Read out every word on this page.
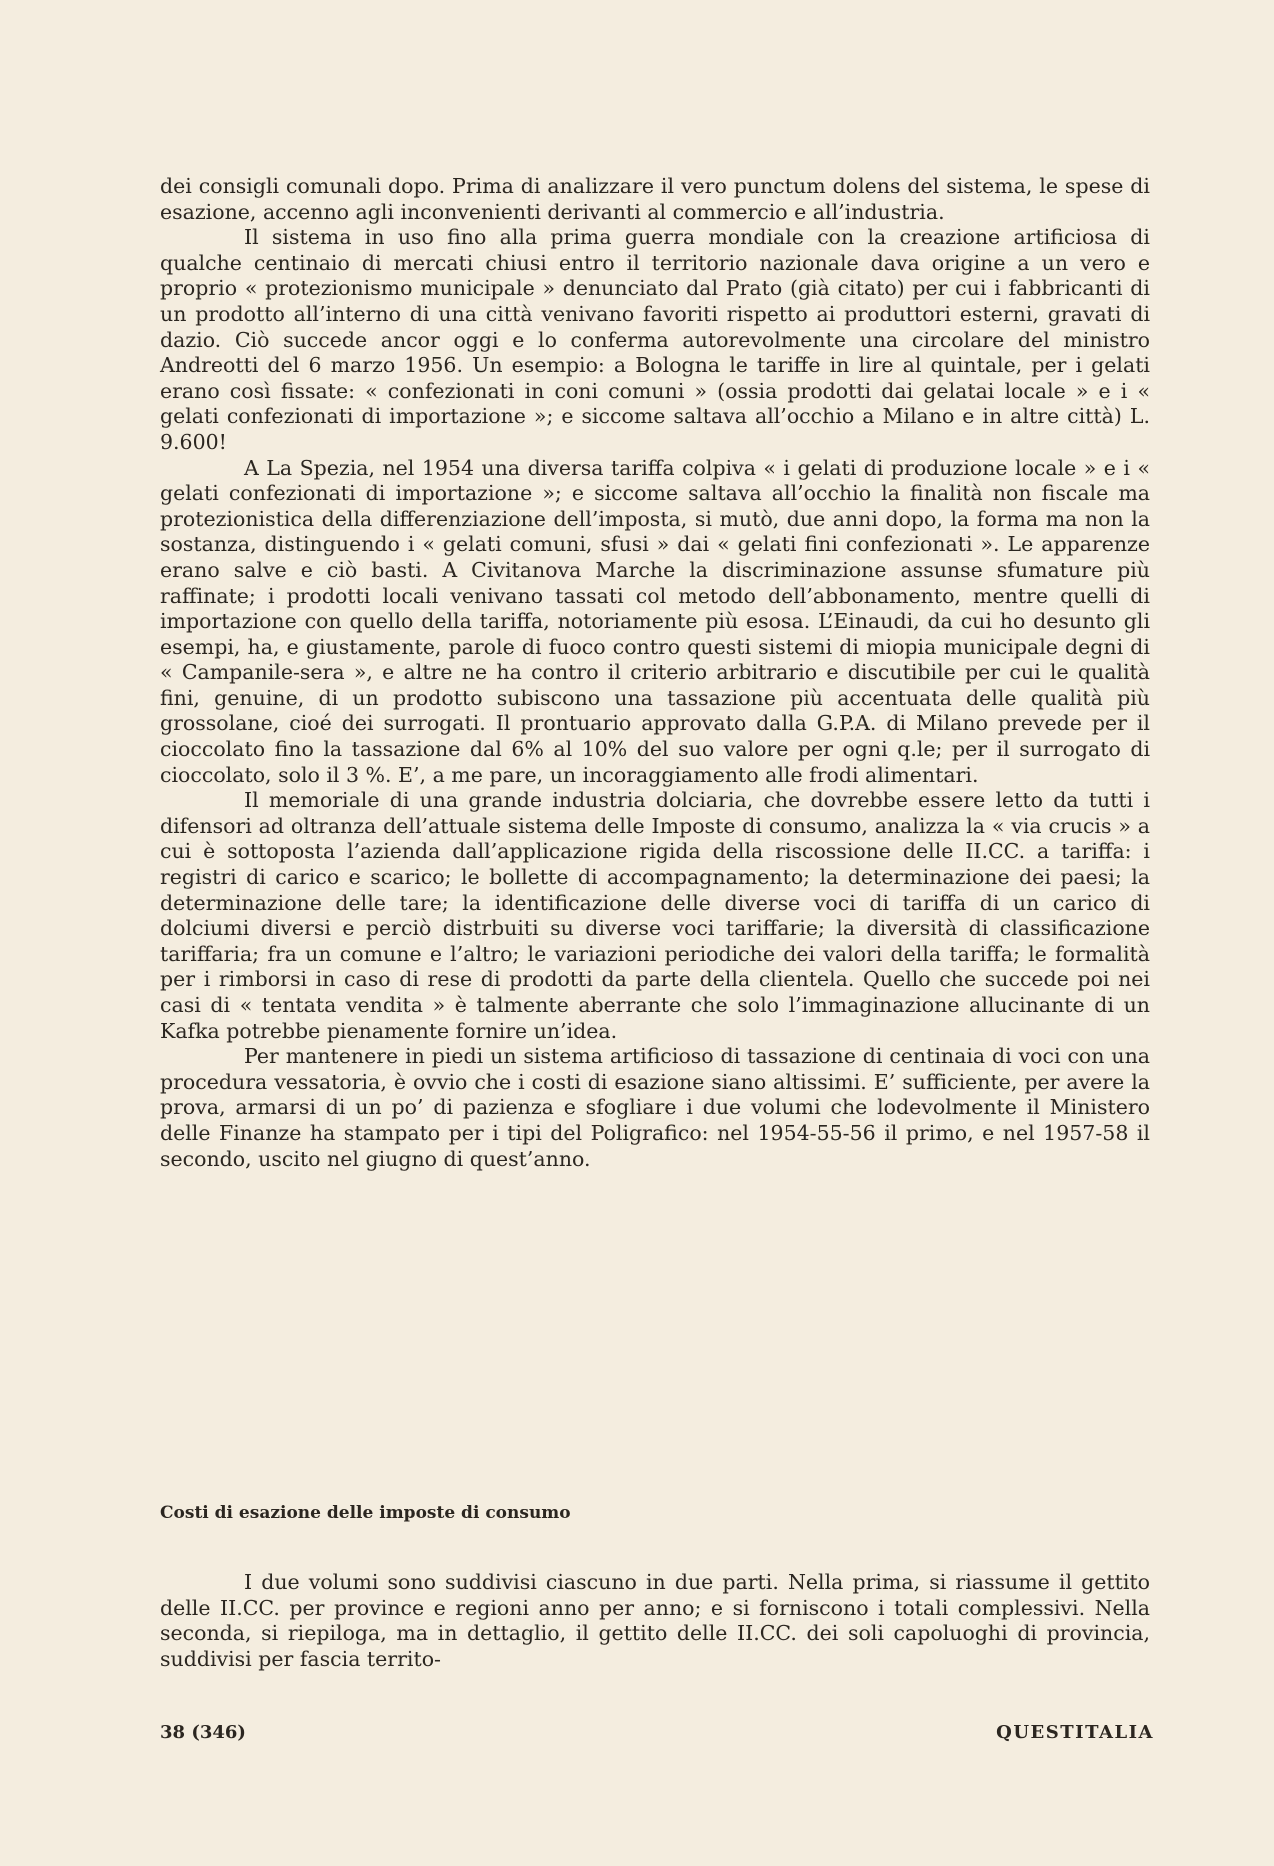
dei consigli comunali dopo. Prima di analizzare il vero punctum dolens del sistema, le spese di esazione, accenno agli inconvenienti derivanti al commercio e all’industria.

Il sistema in uso fino alla prima guerra mondiale con la creazione artificiosa di qualche centinaio di mercati chiusi entro il territorio nazionale dava origine a un vero e proprio « protezionismo municipale » denunciato dal Prato (già citato) per cui i fabbricanti di un prodotto all’interno di una città venivano favoriti rispetto ai produttori esterni, gravati di dazio. Ciò succede ancor oggi e lo conferma autorevolmente una circolare del ministro Andreotti del 6 marzo 1956. Un esempio: a Bologna le tariffe in lire al quintale, per i gelati erano così fissate: « confezionati in coni comuni » (ossia prodotti dai gelatai locale » e i « gelati confezionati di importazione »; e siccome saltava all’occhio a Milano e in altre città) L. 9.600!

A La Spezia, nel 1954 una diversa tariffa colpiva « i gelati di produzione locale » e i « gelati confezionati di importazione »; e siccome saltava all’occhio la finalità non fiscale ma protezionistica della differenziazione dell’imposta, si mutò, due anni dopo, la forma ma non la sostanza, distinguendo i « gelati comuni, sfusi » dai « gelati fini confezionati ». Le apparenze erano salve e ciò basti. A Civitanova Marche la discriminazione assunse sfumature più raffinate; i prodotti locali venivano tassati col metodo dell’abbonamento, mentre quelli di importazione con quello della tariffa, notoriamente più esosa. L’Einaudi, da cui ho desunto gli esempi, ha, e giustamente, parole di fuoco contro questi sistemi di miopia municipale degni di « Campanile-sera », e altre ne ha contro il criterio arbitrario e discutibile per cui le qualità fini, genuine, di un prodotto subiscono una tassazione più accentuata delle qualità più grossolane, cioé dei surrogati. Il prontuario approvato dalla G.P.A. di Milano prevede per il cioccolato fino la tassazione dal 6% al 10% del suo valore per ogni q.le; per il surrogato di cioccolato, solo il 3 %. E’, a me pare, un incoraggiamento alle frodi alimentari.

Il memoriale di una grande industria dolciaria, che dovrebbe essere letto da tutti i difensori ad oltranza dell’attuale sistema delle Imposte di consumo, analizza la « via crucis » a cui è sottoposta l’azienda dall’applicazione rigida della riscossione delle II.CC. a tariffa: i registri di carico e scarico; le bollette di accompagnamento; la determinazione dei paesi; la determinazione delle tare; la identificazione delle diverse voci di tariffa di un carico di dolciumi diversi e perciò distrbuiti su diverse voci tariffarie; la diversità di classificazione tariffaria; fra un comune e l’altro; le variazioni periodiche dei valori della tariffa; le formalità per i rimborsi in caso di rese di prodotti da parte della clientela. Quello che succede poi nei casi di « tentata vendita » è talmente aberrante che solo l’immaginazione allucinante di un Kafka potrebbe pienamente fornire un’idea.

Per mantenere in piedi un sistema artificioso di tassazione di centinaia di voci con una procedura vessatoria, è ovvio che i costi di esazione siano altissimi. E’ sufficiente, per avere la prova, armarsi di un po’ di pazienza e sfogliare i due volumi che lodevolmente il Ministero delle Finanze ha stampato per i tipi del Poligrafico: nel 1954-55-56 il primo, e nel 1957-58 il secondo, uscito nel giugno di quest’anno.

Costi di esazione delle imposte di consumo

I due volumi sono suddivisi ciascuno in due parti. Nella prima, si riassume il gettito delle II.CC. per province e regioni anno per anno; e si forniscono i totali complessivi. Nella seconda, si riepiloga, ma in dettaglio, il gettito delle II.CC. dei soli capoluoghi di provincia, suddivisi per fascia territo-

38 (346)	QUESTITALIA
